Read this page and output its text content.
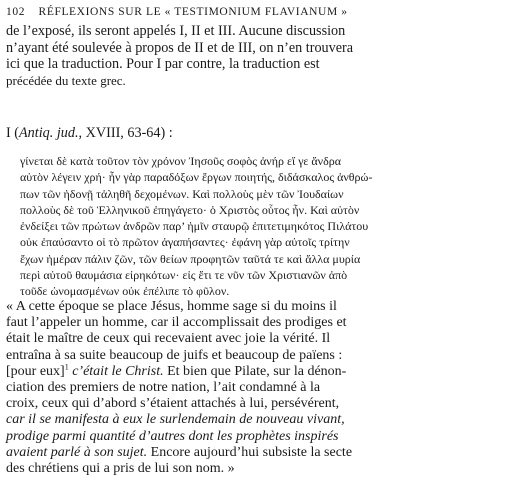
102 RÉFLEXIONS SUR LE « TESTIMONIUM FLAVIANUM »
de l’exposé, ils seront appelés I, II et III. Aucune discussion
n’ayant été soulevée à propos de II et de III, on n’en trouvera
ici que la traduction. Pour I par contre, la traduction est
précédée du texte grec.
I (Antiq. jud., XVIII, 63-64) :
γίνεται δὲ κατὰ τοῦτον τὸν χρόνον Ἰησοῦς σοφὸς ἀνήρ εἴ γε ἄνδρα
αὐτὸν λέγειν χρή· ἦν γὰρ παραδόξων ἔργων ποιητής, διδάσκαλος ἀνθρώ-
πων τῶν ἡδονῇ τἀληθῆ δεχομένων. Καὶ πολλοὺς μὲν τῶν Ἰουδαίων
πολλοὺς δὲ τοῦ Ἑλληνικοῦ ἐπηγάγετο· ὁ Χριστὸς οὗτος ἦν. Καὶ αὐτὸν
ἐνδείξει τῶν πρώτων ἀνδρῶν παρ’ ἡμῖν σταυρῷ ἐπιτετιμηκότος Πιλάτου
οὐκ ἐπαύσαντο οἱ τὸ πρῶτον ἀγαπήσαντες· ἐφάνη γὰρ αὐτοῖς τρίτην
ἔχων ἡμέραν πάλιν ζῶν, τῶν θείων προφητῶν ταῦτά τε καὶ ἄλλα μυρία
περὶ αὐτοῦ θαυμάσια εἰρηκότων· εἰς ἔτι τε νῦν τῶν Χριστιανῶν ἀπὸ
τοῦδε ὠνομασμένων οὐκ ἐπέλιπε τὸ φῦλον.
« A cette époque se place Jésus, homme sage si du moins il
faut l’appeler un homme, car il accomplissait des prodiges et
était le maître de ceux qui recevaient avec joie la vérité. Il
entraîna à sa suite beaucoup de juifs et beaucoup de païens :
[pour eux]$^1$ c’était le Christ. Et bien que Pilate, sur la dénon-
ciation des premiers de notre nation, l’ait condamné à la
croix, ceux qui d’abord s’étaient attachés à lui, persévérent,
car il se manifesta à eux le surlendemain de nouveau vivant,
prodige parmi quantité d’autres dont les prophètes inspirés
avaient parlé à son sujet. Encore aujourd’hui subsiste la secte
des chrétiens qui a pris de lui son nom. »
